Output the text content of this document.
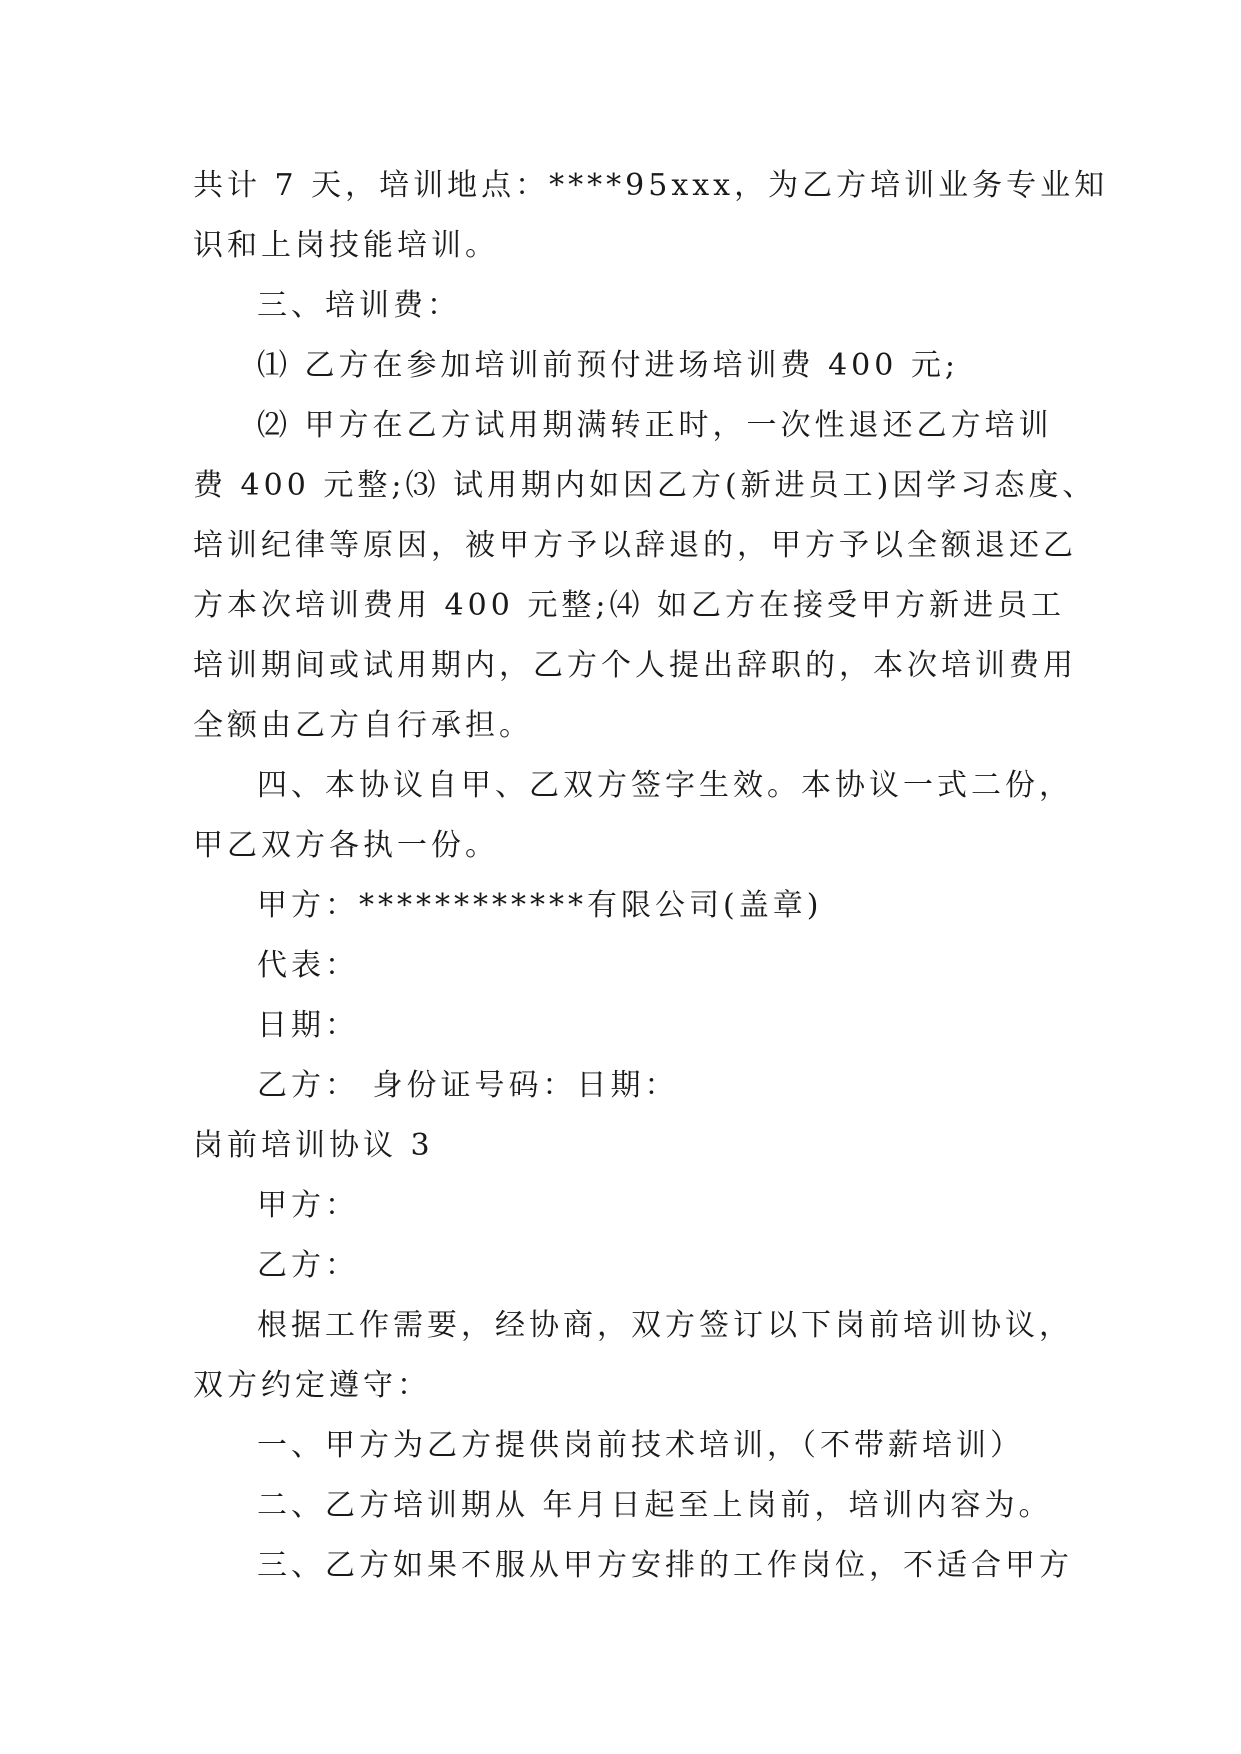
共计 7 天，培训地点：****95xxx，为乙方培训业务专业知
识和上岗技能培训。
三、培训费：
⑴ 乙方在参加培训前预付进场培训费 400 元;
⑵ 甲方在乙方试用期满转正时，一次性退还乙方培训
费 400 元整;⑶ 试用期内如因乙方(新进员工)因学习态度、
培训纪律等原因，被甲方予以辞退的，甲方予以全额退还乙
方本次培训费用 400 元整;⑷ 如乙方在接受甲方新进员工
培训期间或试用期内，乙方个人提出辞职的，本次培训费用
全额由乙方自行承担。
四、本协议自甲、乙双方签字生效。本协议一式二份，
甲乙双方各执一份。
甲方：************有限公司(盖章)
代表：
日期：
乙方： 身份证号码：日期：
岗前培训协议 3
甲方：
乙方：
根据工作需要，经协商，双方签订以下岗前培训协议，
双方约定遵守：
一、甲方为乙方提供岗前技术培训，（不带薪培训）
二、乙方培训期从 年月日起至上岗前，培训内容为。
三、乙方如果不服从甲方安排的工作岗位，不适合甲方
